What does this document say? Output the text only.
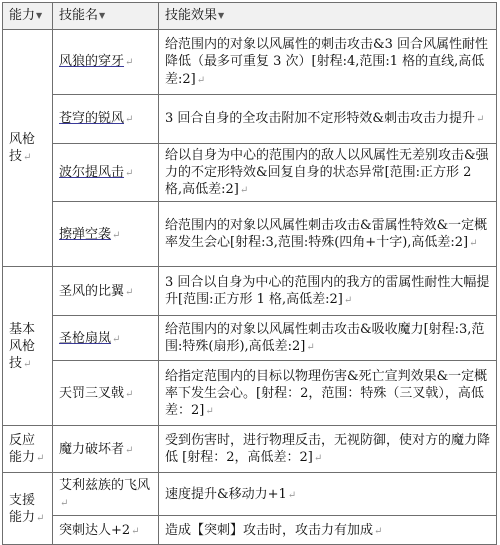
能力▼	技能名▼	技能效果▼
风枪
技↵	风狼的穿牙↵	给范围内的对象以风属性的刺击攻击&3 回合风属性耐性降低（最多可重复 3 次）[射程:4,范围:1 格的直线,高低差:2]↵
	苍穹的锐风↵	3 回合自身的全攻击附加不定形特效&刺击攻击力提升↵
	波尔提风击↵	给以自身为中心的范围内的敌人以风属性无差别攻击&强力的不定形特效&回复自身的状态异常[范围:正方形 2 格,高低差:2]↵
	擦弹空袭↵	给范围内的对象以风属性刺击攻击&雷属性特效&一定概率发生会心[射程:3,范围:特殊(四角+十字),高低差:2]↵
基本
风枪
技↵	圣风的比翼↵	3 回合以自身为中心的范围内的我方的雷属性耐性大幅提升[范围:正方形 1 格,高低差:2]↵
	圣枪扇岚↵	给范围内的对象以风属性刺击攻击&吸收魔力[射程:3,范围:特殊(扇形),高低差:2]↵
	天罚三叉戟↵	给指定范围内的目标以物理伤害&死亡宣判效果&一定概率下发生会心。[射程：2，范围：特殊（三叉戟），高低差：2]↵
反应
能力↵	魔力破坏者↵	受到伤害时，进行物理反击，无视防御，使对方的魔力降低 [射程：2，高低差：2]↵
支援
能力↵	艾利兹族的飞风↵	速度提升&移动力+1↵
	突刺达人+2↵	造成【突刺】攻击时，攻击力有加成↵
